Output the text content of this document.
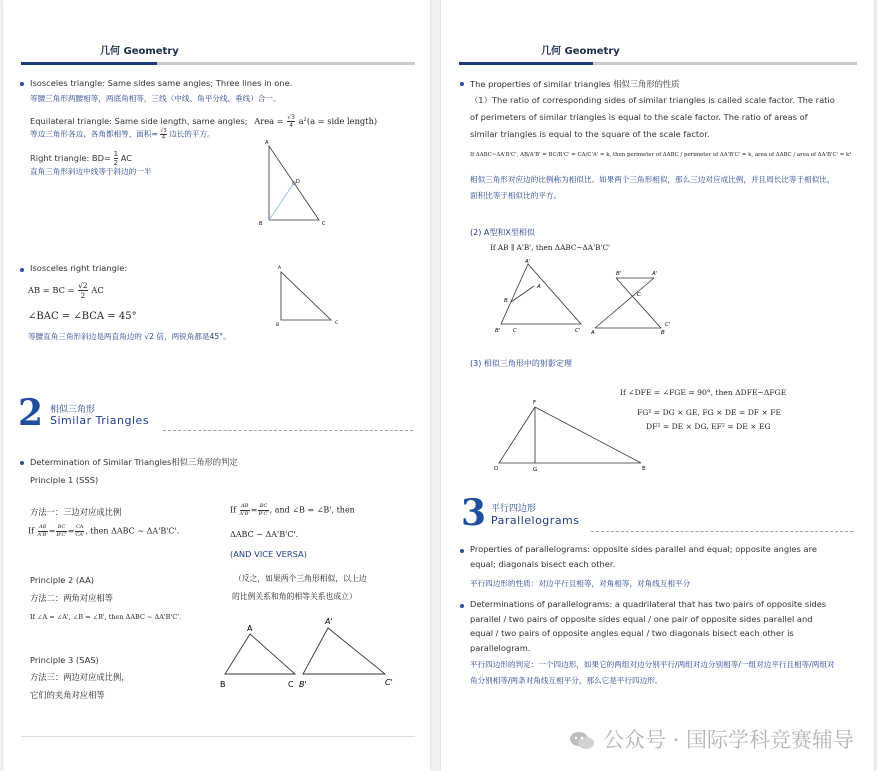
几何 Geometry
Isosceles triangle: Same sides same angles; Three lines in one.
等腰三角形两腰相等，两底角相等，三线（中线、角平分线、垂线）合一。
Equilateral triangle: Same side length, same angles; Area = $\frac{√3}{4} a^2(a$ = side length)
等边三角形各边、各角都相等，面积= $\frac{√3}{4}$ 边长的平方。
Right triangle: $BD= \frac{1}{2}$ AC
直角三角形斜边中线等于斜边的一半
A
B	C
D
Isosceles right triangle:
AB = BC = $\frac{√2}{2}$ AC
∠BAC = ∠BCA = 45°
等腰直角三角形斜边是两直角边的 √2 倍，两锐角都是45°。
A
B	C
2 相似三角形
Similar Triangles
Determination of Similar Triangles相似三角形的判定
Principle 1 (SSS)
方法一：三边对应成比例
If $\frac{AB}{A'B'} = \frac{BC}{B'C'} = \frac{CA}{CA'}$ , then ΔABC ~ ΔA'B'C'.
If $\frac{AB}{A'B'} = \frac{BC}{B'C'}$ , and ∠B = ∠B', then
ΔABC ~ ΔA'B'C'.
(AND VICE VERSA)
（反之，如果两个三角形相似，以上边
的比例关系和角的相等关系也成立）
Principle 2 (AA)
方法二：两角对应相等
If ∠A = ∠A', ∠B = ∠B', then ΔABC ~ ΔA'B'C'.
Principle 3 (SAS)
方法三：两边对应成比例，
它们的夹角对应相等
A
B	C
A'
B'	C'
几何 Geometry
The properties of similar triangles 相似三角形的性质
（1）The ratio of corresponding sides of similar triangles is called scale factor. The ratio of perimeters of similar triangles is equal to the scale factor. The ratio of areas of similar triangles is equal to the square of the scale factor.
If ΔABC~ΔA'B'C', AB/A'B' = BC/B'C' = CA/C'A' = k, then perimeter of ΔABC / perimeter of ΔA'B'C' = k, area of ΔABC / area of ΔA'B'C' = k²
相似三角形对应边的比例称为相似比。如果两个三角形相似，那么三边对应成比例，并且周长比等于相似比，面积比等于相似比的平方。
(2) A型和X型相似
If AB ∥ A'B', then ΔABC~ΔA'B'C'
A'
A
B
B' C	C'
B'	A'
C
A	B
C'
(3) 相似三角形中的射影定理
If ∠DFE = ∠FGE = 90°, then ΔDFE~ΔFGE
FG² = DG × GE, FG × DE = DF × FE
DF² = DE × DG, EF² = DE × EG
F
D	G	E
3 平行四边形
Parallelograms
Properties of parallelograms: opposite sides parallel and equal; opposite angles are equal; diagonals bisect each other.
平行四边形的性质：对边平行且相等，对角相等，对角线互相平分
Determinations of parallelograms: a quadrilateral that has two pairs of opposite sides parallel / two pairs of opposite sides equal / one pair of opposite sides parallel and equal / two pairs of opposite angles equal / two diagonals bisect each other is parallelogram.
平行四边形的判定：一个四边形，如果它的两组对边分别平行/两组对边分别相等/一组对边平行且相等/两组对角分别相等/两条对角线互相平分，那么它是平行四边形。
公众号 · 国际学科竞赛辅导
